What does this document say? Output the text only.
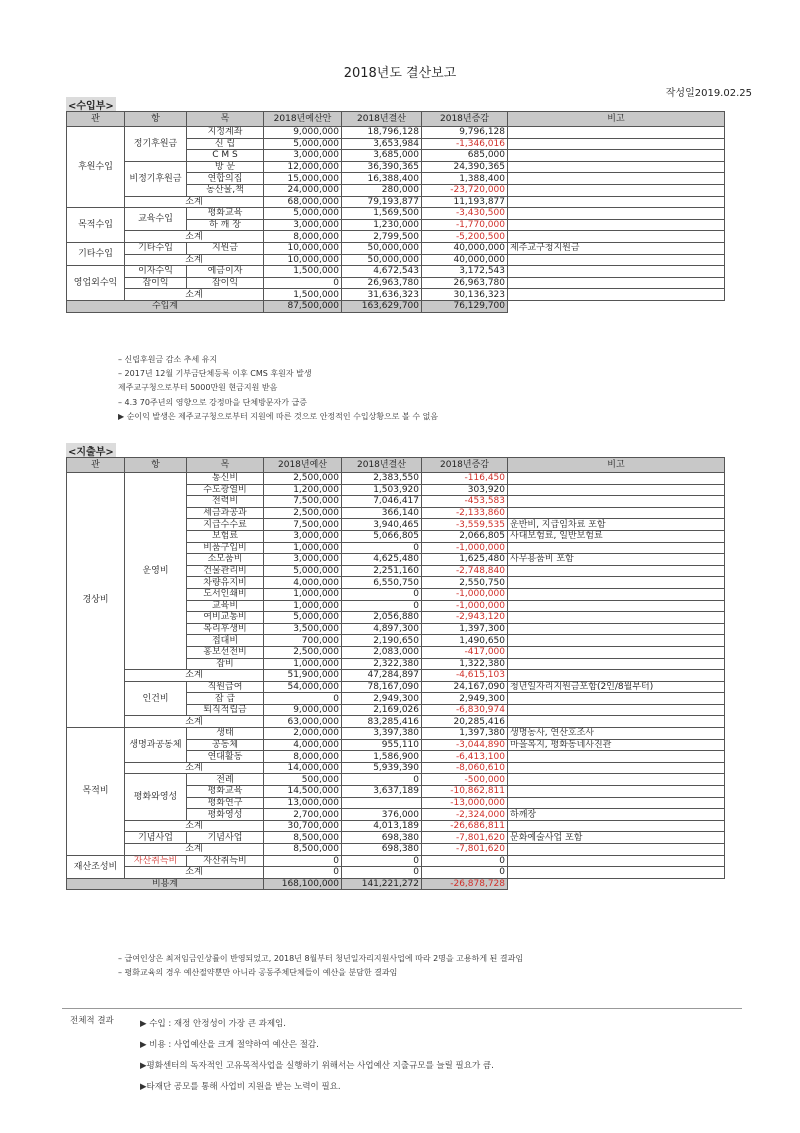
2018년도 결산보고
작성일2019.02.25
<수입부>
관	항	목	2018년예산안	2018년결산	2018년증감	비고
후원수입	정기후원금	지정계좌	9,000,000	18,796,128	9,796,128	
		신 립	5,000,000	3,653,984	-1,346,016	
		C M S	3,000,000	3,685,000	685,000	
	비정기후원금	방 문	12,000,000	36,390,365	24,390,365	
		연합의집	15,000,000	16,388,400	1,388,400	
		농산물,책	24,000,000	280,000	-23,720,000	
	소계		68,000,000	79,193,877	11,193,877	
목적수입	교육수입	평화교육	5,000,000	1,569,500	-3,430,500	
		하 깨 장	3,000,000	1,230,000	-1,770,000	
	소계		8,000,000	2,799,500	-5,200,500	
기타수입	기타수입	지원금	10,000,000	50,000,000	40,000,000	제주교구청지원금
	소계		10,000,000	50,000,000	40,000,000	
영업외수익	이자수익	예금이자	1,500,000	4,672,543	3,172,543	
	잡이익	잡이익	0	26,963,780	26,963,780	
	소계		1,500,000	31,636,323	30,136,323	
수입계			87,500,000	163,629,700	76,129,700	
– 신립후원금 감소 추세 유지
– 2017년 12월 기부금단체등록 이후 CMS 후원자 발생
제주교구청으로부터 5000만원 현금지원 받음
– 4.3 70주년의 영향으로 강정마을 단체방문자가 급증
▶ 순이익 발생은 제주교구청으로부터 지원에 따른 것으로 안정적인 수입상황으로 볼 수 없음
<지출부>
관	항	목	2018년예산	2018년결산	2018년증감	비고
경상비	운영비	통신비	2,500,000	2,383,550	-116,450	
		수도광열비	1,200,000	1,503,920	303,920	
		전력비	7,500,000	7,046,417	-453,583	
		세금과공과	2,500,000	366,140	-2,133,860	
		지급수수료	7,500,000	3,940,465	-3,559,535	운반비, 지급임차료 포함
		보험료	3,000,000	5,066,805	2,066,805	사대보험료, 일반보험료
		비품구입비	1,000,000	0	-1,000,000	
		소모품비	3,000,000	4,625,480	1,625,480	사무용품비 포함
		건물관리비	5,000,000	2,251,160	-2,748,840	
		차량유지비	4,000,000	6,550,750	2,550,750	
		도서인쇄비	1,000,000	0	-1,000,000	
		교육비	1,000,000	0	-1,000,000	
		여비교통비	5,000,000	2,056,880	-2,943,120	
		복리후생비	3,500,000	4,897,300	1,397,300	
		접대비	700,000	2,190,650	1,490,650	
		홍보선전비	2,500,000	2,083,000	-417,000	
		잡비	1,000,000	2,322,380	1,322,380	
	소계		51,900,000	47,284,897	-4,615,103	
	인건비	직원급여	54,000,000	78,167,090	24,167,090	청년일자리지원금포함(2인/8월부터)
		잡 급	0	2,949,300	2,949,300	
		퇴직적립금	9,000,000	2,169,026	-6,830,974	
	소계		63,000,000	83,285,416	20,285,416	
목적비	생명과공동체	생태	2,000,000	3,397,380	1,397,380	생명농사, 연산호조사
		공동체	4,000,000	955,110	-3,044,890	마을복지, 평화동네사진관
		연대활동	8,000,000	1,586,900	-6,413,100	
	소계		14,000,000	5,939,390	-8,060,610	
	평화와영성	전례	500,000	0	-500,000	
		평화교육	14,500,000	3,637,189	-10,862,811	
		평화연구	13,000,000		-13,000,000	
		평화영성	2,700,000	376,000	-2,324,000	하깨장
	소계		30,700,000	4,013,189	-26,686,811	
	기념사업	기념사업	8,500,000	698,380	-7,801,620	문화예술사업 포함
	소계		8,500,000	698,380	-7,801,620	
재산조성비	자산취득비	자산취득비	0	0	0	
	소계		0	0	0	
비용계			168,100,000	141,221,272	-26,878,728	
– 급여인상은 최저임금인상률이 반영되었고, 2018년 8월부터 청년일자리지원사업에 따라 2명을 고용하게 된 결과임
– 평화교육의 경우 예산절약뿐만 아니라 공동주체단체들이 예산을 분담한 결과임
전체적 결과	▶ 수입 : 재정 안정성이 가장 큰 과제임.
▶ 비용 : 사업예산을 크게 절약하여 예산은 절감.
▶평화센터의 독자적인 고유목적사업을 실행하기 위해서는 사업예산 지출규모를 늘릴 필요가 큼.
▶타재단 공모를 통해 사업비 지원을 받는 노력이 필요.
